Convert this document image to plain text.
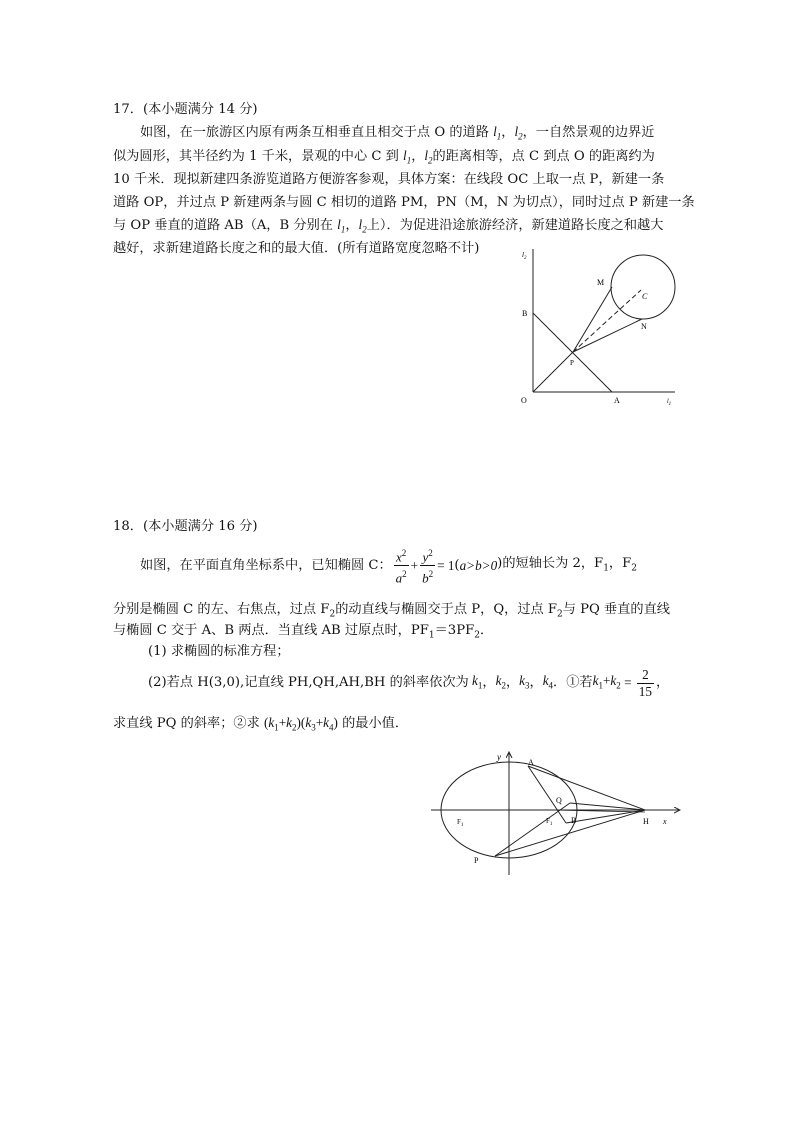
17．(本小题满分 14 分)
如图，在一旅游区内原有两条互相垂直且相交于点 O 的道路 $l_1$，$l_2$，一自然景观的边界近
似为圆形，其半径约为 1 千米，景观的中心 C 到 $l_1$，$l_2$的距离相等，点 C 到点 O 的距离约为
10 千米．现拟新建四条游览道路方便游客参观，具体方案：在线段 OC 上取一点 P，新建一条
道路 OP，并过点 P 新建两条与圆 C 相切的道路 PM，PN（M，N 为切点），同时过点 P 新建一条
与 OP 垂直的道路 AB（A，B 分别在 $l_1$，$l_2$上）．为促进沿途旅游经济，新建道路长度之和越大
越好，求新建道路长度之和的最大值．(所有道路宽度忽略不计)	$l_2$
O	A
B
P
M
N
C
$l_1$
18．(本小题满分 16 分)
如图，在平面直角坐标系中，已知椭圆 C： $\frac{x^2}{a^2} + \frac{y^2}{b^2} = 1$ ( a>b>0 )的短轴长为 2，$F_1$，$F_2$
分别是椭圆 C 的左、右焦点，过点 $F_2$的动直线与椭圆交于点 P，Q，过点 $F_2$与 PQ 垂直的直线
与椭圆 C 交于 A、B 两点．当直线 AB 过原点时，$PF_1=3PF_2$．
(1) 求椭圆的标准方程；
(2)若点 H(3,0),记直线 PH,QH,AH,BH 的斜率依次为 $k_1$ ， $k_2$ ， $k_3$ ， $k_4$ ．①若 $k_1+k_2 = \frac{2}{15}$ ，
求直线 PQ 的斜率；②求 $(k_1+k_2)(k_3+k_4)$ 的最小值．
y
x
A
Q
B
P
H
$F_1$
$F_1$
